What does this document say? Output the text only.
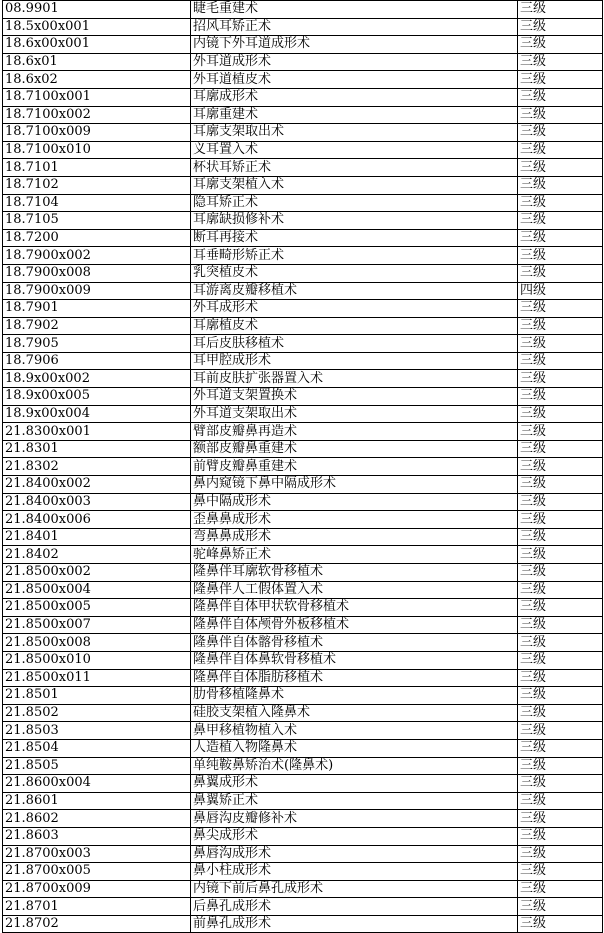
08.9901	睫毛重建术	三级
18.5x00x001	招风耳矫正术	三级
18.6x00x001	内镜下外耳道成形术	三级
18.6x01	外耳道成形术	三级
18.6x02	外耳道植皮术	三级
18.7100x001	耳廓成形术	三级
18.7100x002	耳廓重建术	三级
18.7100x009	耳廓支架取出术	三级
18.7100x010	义耳置入术	三级
18.7101	杯状耳矫正术	三级
18.7102	耳廓支架植入术	三级
18.7104	隐耳矫正术	三级
18.7105	耳廓缺损修补术	三级
18.7200	断耳再接术	三级
18.7900x002	耳垂畸形矫正术	三级
18.7900x008	乳突植皮术	三级
18.7900x009	耳游离皮瓣移植术	四级
18.7901	外耳成形术	三级
18.7902	耳廓植皮术	三级
18.7905	耳后皮肤移植术	三级
18.7906	耳甲腔成形术	三级
18.9x00x002	耳前皮肤扩张器置入术	三级
18.9x00x005	外耳道支架置换术	三级
18.9x00x004	外耳道支架取出术	三级
21.8300x001	臂部皮瓣鼻再造术	三级
21.8301	额部皮瓣鼻重建术	三级
21.8302	前臂皮瓣鼻重建术	三级
21.8400x002	鼻内窥镜下鼻中隔成形术	三级
21.8400x003	鼻中隔成形术	三级
21.8400x006	歪鼻鼻成形术	三级
21.8401	弯鼻鼻成形术	三级
21.8402	驼峰鼻矫正术	三级
21.8500x002	隆鼻伴耳廓软骨移植术	三级
21.8500x004	隆鼻伴人工假体置入术	三级
21.8500x005	隆鼻伴自体甲状软骨移植术	三级
21.8500x007	隆鼻伴自体颅骨外板移植术	三级
21.8500x008	隆鼻伴自体髂骨移植术	三级
21.8500x010	隆鼻伴自体鼻软骨移植术	三级
21.8500x011	隆鼻伴自体脂肪移植术	三级
21.8501	肋骨移植隆鼻术	三级
21.8502	硅胶支架植入隆鼻术	三级
21.8503	鼻甲移植物植入术	三级
21.8504	人造植入物隆鼻术	三级
21.8505	单纯鞍鼻矫治术(隆鼻术)	三级
21.8600x004	鼻翼成形术	三级
21.8601	鼻翼矫正术	三级
21.8602	鼻唇沟皮瓣修补术	三级
21.8603	鼻尖成形术	三级
21.8700x003	鼻唇沟成形术	三级
21.8700x005	鼻小柱成形术	三级
21.8700x009	内镜下前后鼻孔成形术	三级
21.8701	后鼻孔成形术	三级
21.8702	前鼻孔成形术	三级
